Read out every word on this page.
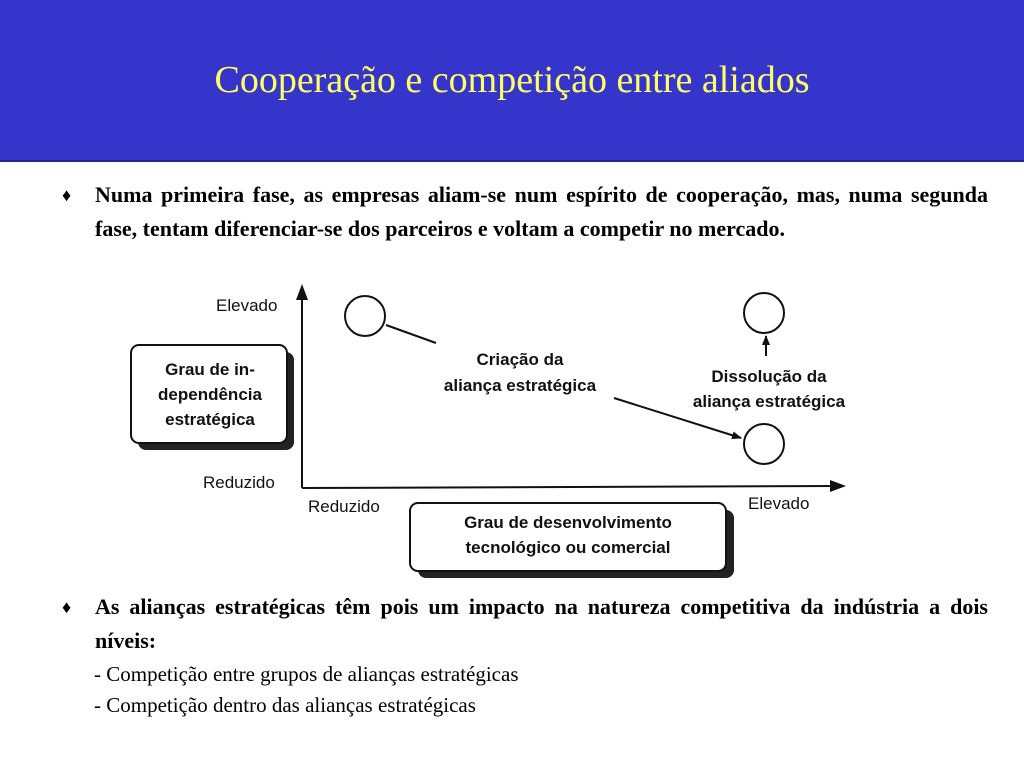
Cooperação e competição entre aliados
♦ Numa primeira fase, as empresas aliam-se num espírito de cooperação, mas, numa segunda fase, tentam diferenciar-se dos parceiros e voltam a competir no mercado.
Elevado
Reduzido
Reduzido	Elevado
Grau de in-
dependência
estratégica
Grau de desenvolvimento
tecnológico ou comercial
Criação da
aliança estratégica	Dissolução da
aliança estratégica
♦ As alianças estratégicas têm pois um impacto na natureza competitiva da indústria a dois níveis:
- Competição entre grupos de alianças estratégicas
- Competição dentro das alianças estratégicas
